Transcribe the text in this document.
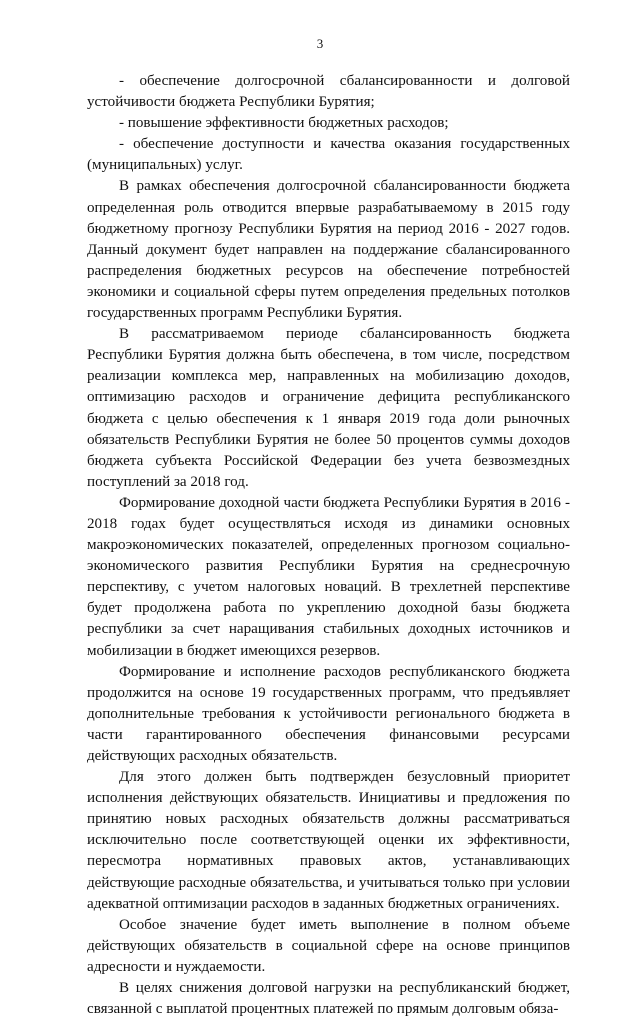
3

- обеспечение долгосрочной сбалансированности и долговой устойчивости бюджета Республики Бурятия;

- повышение эффективности бюджетных расходов;

- обеспечение доступности и качества оказания государственных (муниципальных) услуг.

В рамках обеспечения долгосрочной сбалансированности бюджета определенная роль отводится впервые разрабатываемому в 2015 году бюджетному прогнозу Республики Бурятия на период 2016 - 2027 годов. Данный документ будет направлен на поддержание сбалансированного распределения бюджетных ресурсов на обеспечение потребностей экономики и социальной сферы путем определения предельных потолков государственных программ Республики Бурятия.

В рассматриваемом периоде сбалансированность бюджета Республики Бурятия должна быть обеспечена, в том числе, посредством реализации комплекса мер, направленных на мобилизацию доходов, оптимизацию расходов и ограничение дефицита республиканского бюджета с целью обеспечения к 1 января 2019 года доли рыночных обязательств Республики Бурятия не более 50 процентов суммы доходов бюджета субъекта Российской Федерации без учета безвозмездных поступлений за 2018 год.

Формирование доходной части бюджета Республики Бурятия в 2016 - 2018 годах будет осуществляться исходя из динамики основных макроэкономических показателей, определенных прогнозом социально-экономического развития Республики Бурятия на среднесрочную перспективу, с учетом налоговых новаций. В трехлетней перспективе будет продолжена работа по укреплению доходной базы бюджета республики за счет наращивания стабильных доходных источников и мобилизации в бюджет имеющихся резервов.

Формирование и исполнение расходов республиканского бюджета продолжится на основе 19 государственных программ, что предъявляет дополнительные требования к устойчивости регионального бюджета в части гарантированного обеспечения финансовыми ресурсами действующих расходных обязательств.

Для этого должен быть подтвержден безусловный приоритет исполнения действующих обязательств. Инициативы и предложения по принятию новых расходных обязательств должны рассматриваться исключительно после соответствующей оценки их эффективности, пересмотра нормативных правовых актов, устанавливающих действующие расходные обязательства, и учитываться только при условии адекватной оптимизации расходов в заданных бюджетных ограничениях.

Особое значение будет иметь выполнение в полном объеме действующих обязательств в социальной сфере на основе принципов адресности и нуждаемости.

В целях снижения долговой нагрузки на республиканский бюджет, связанной с выплатой процентных платежей по прямым долговым обяза-
